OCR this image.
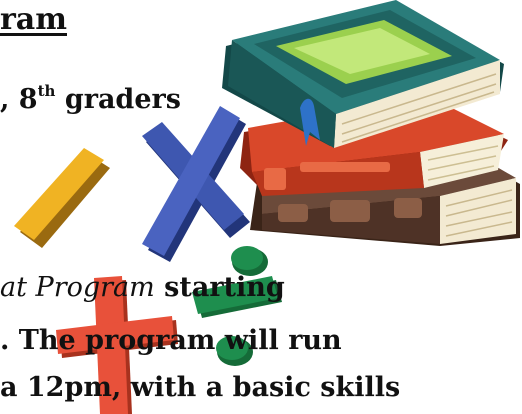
ram
, 8th graders
at Program starting
. The program will run
a 12pm, with a basic skills
